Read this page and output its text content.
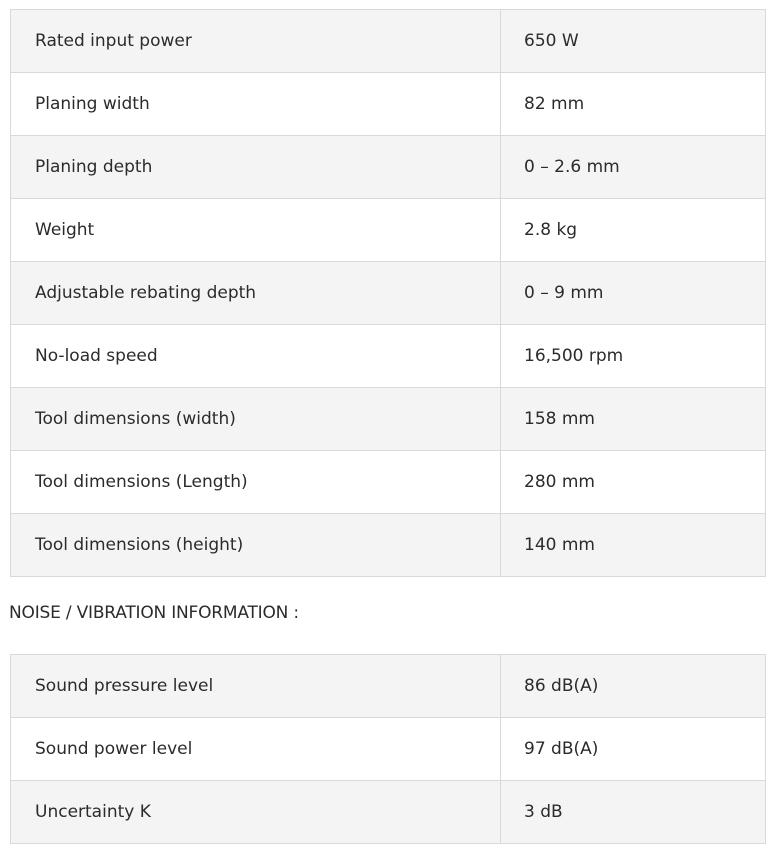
Rated input power	650 W
Planing width	82 mm
Planing depth	0 – 2.6 mm
Weight	2.8 kg
Adjustable rebating depth	0 – 9 mm
No-load speed	16,500 rpm
Tool dimensions (width)	158 mm
Tool dimensions (Length)	280 mm
Tool dimensions (height)	140 mm
NOISE / VIBRATION INFORMATION :
Sound pressure level	86 dB(A)
Sound power level	97 dB(A)
Uncertainty K	3 dB
